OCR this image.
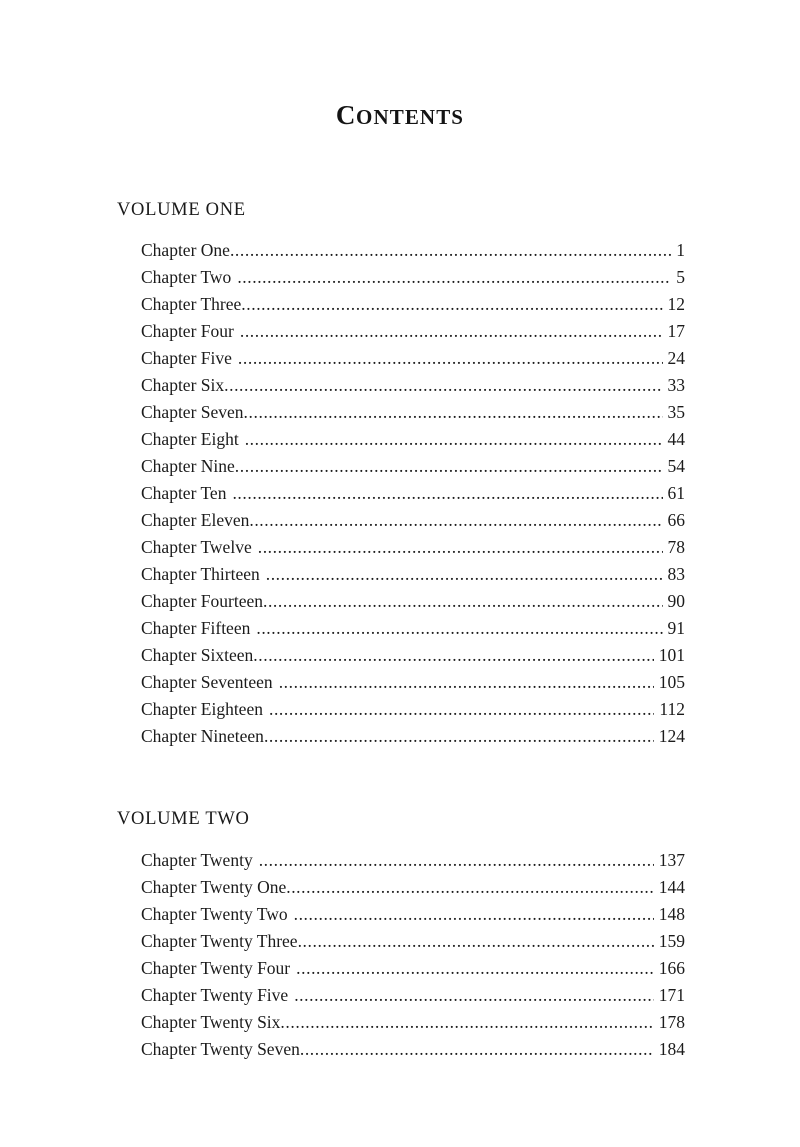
CONTENTS
VOLUME ONE
Chapter One .....	1
Chapter Two .....	5
Chapter Three .....	12
Chapter Four .....	17
Chapter Five .....	24
Chapter Six .....	33
Chapter Seven .....	35
Chapter Eight .....	44
Chapter Nine .....	54
Chapter Ten .....	61
Chapter Eleven .....	66
Chapter Twelve .....	78
Chapter Thirteen .....	83
Chapter Fourteen .....	90
Chapter Fifteen .....	91
Chapter Sixteen .....	101
Chapter Seventeen .....	105
Chapter Eighteen .....	112
Chapter Nineteen .....	124
VOLUME TWO
Chapter Twenty .....	137
Chapter Twenty One .....	144
Chapter Twenty Two .....	148
Chapter Twenty Three .....	159
Chapter Twenty Four .....	166
Chapter Twenty Five .....	171
Chapter Twenty Six .....	178
Chapter Twenty Seven .....	184
